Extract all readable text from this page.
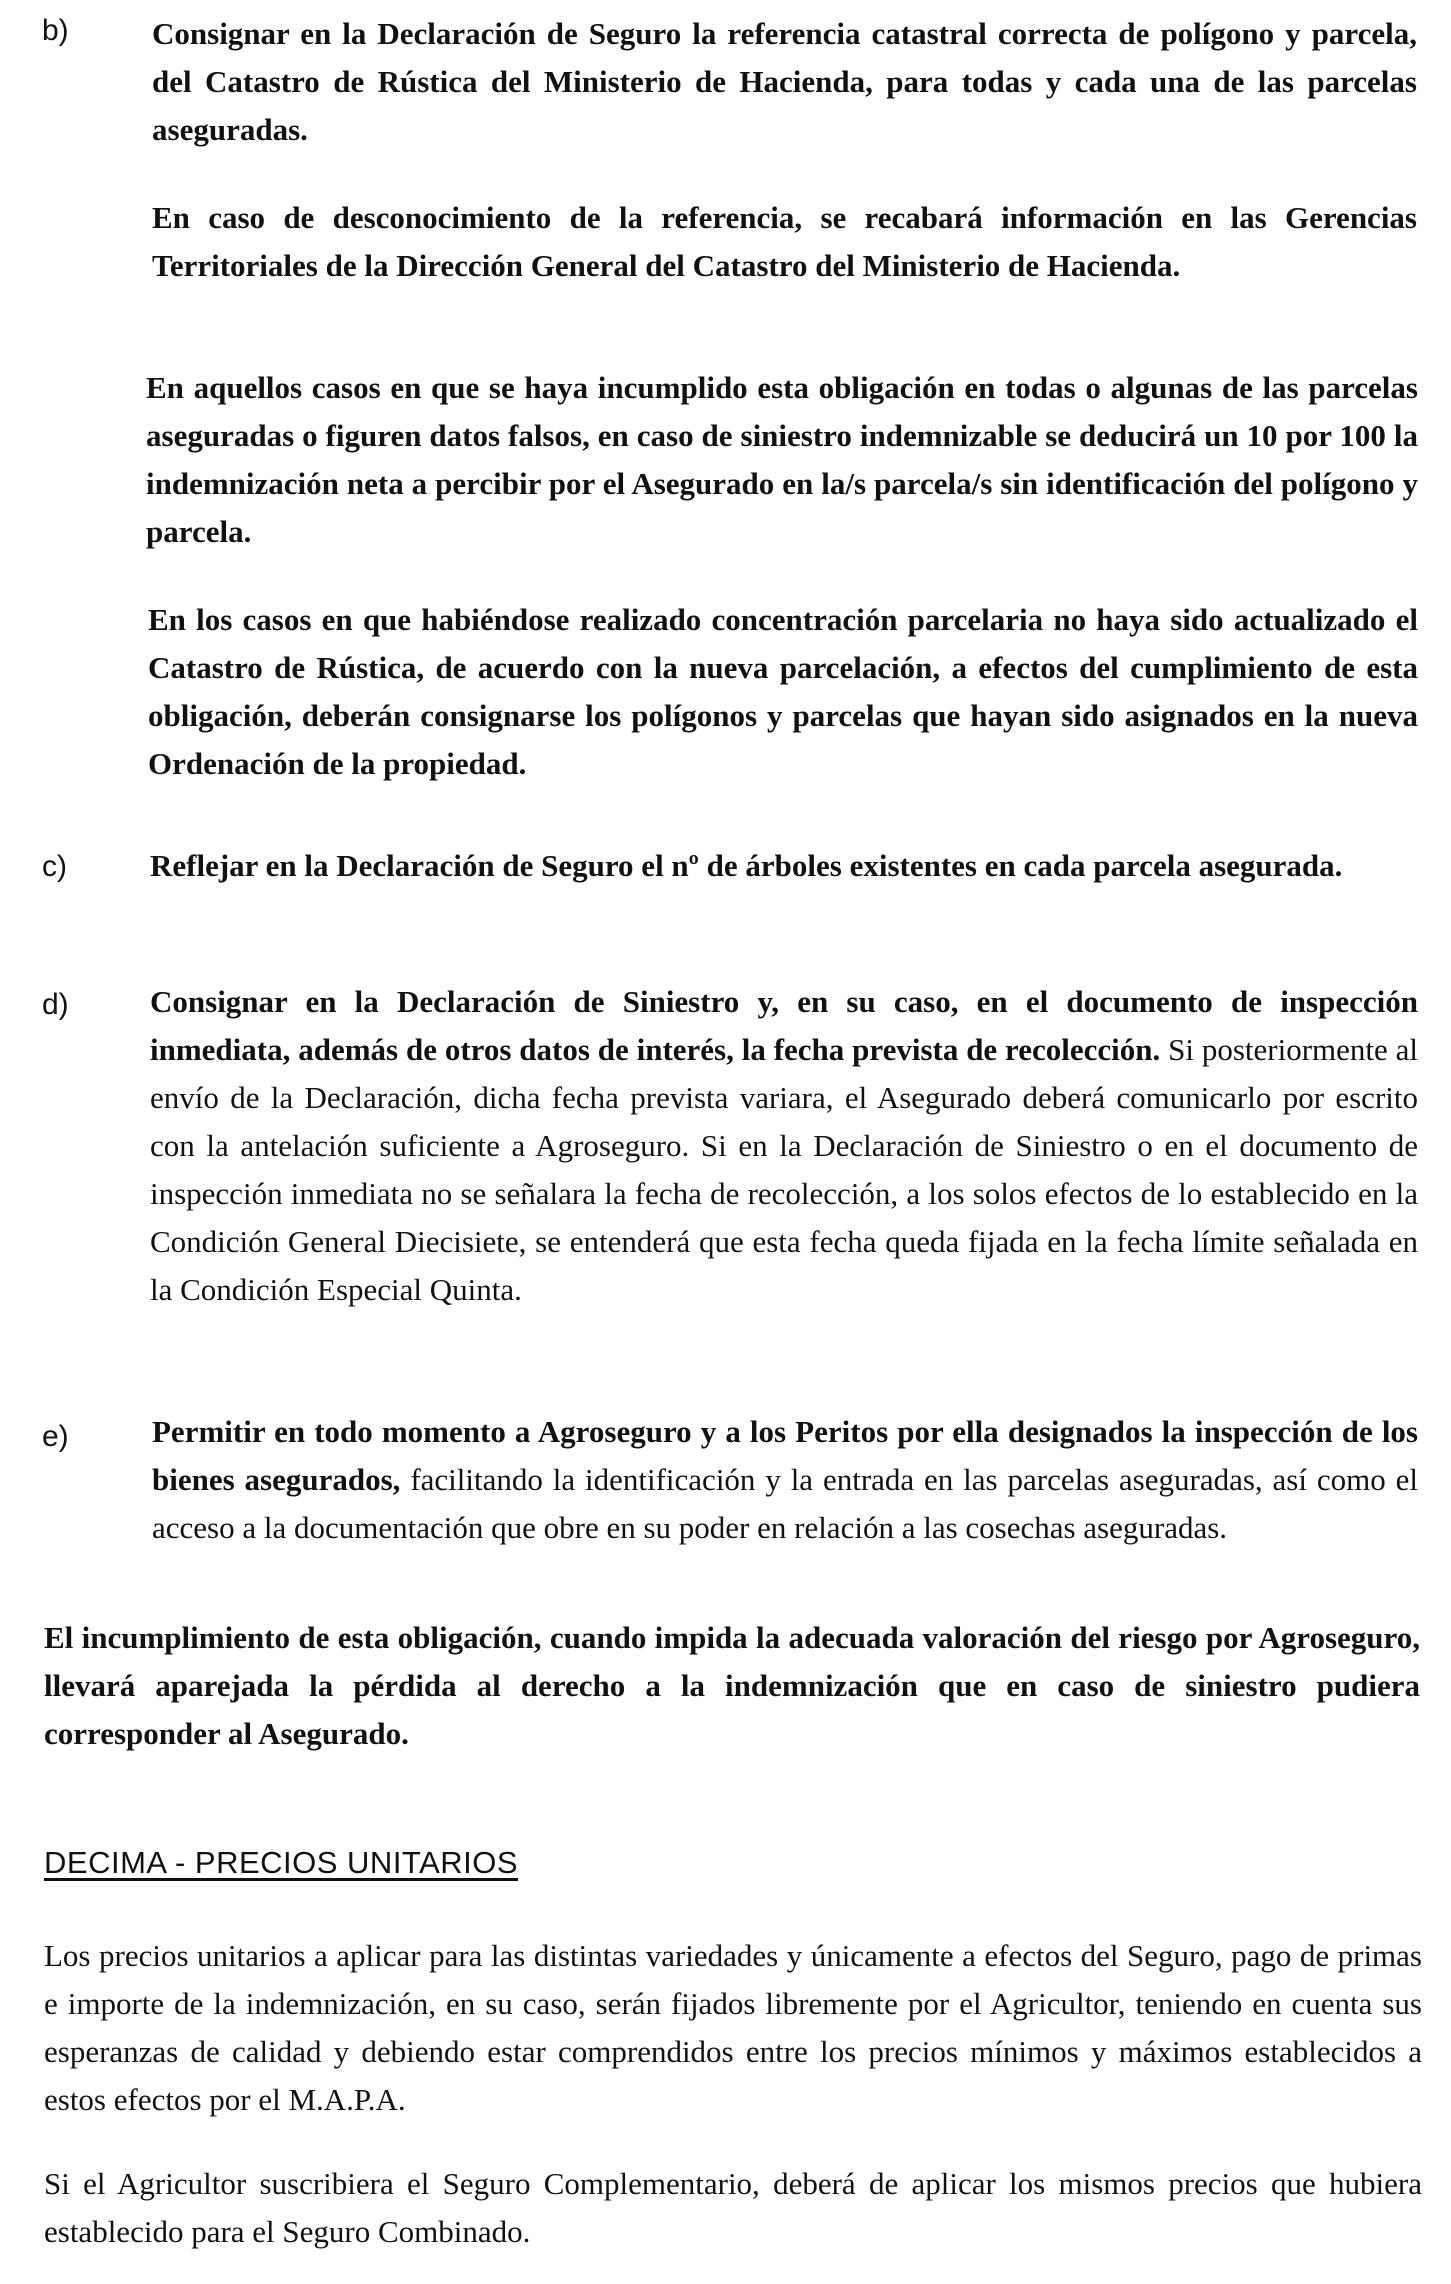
b)	Consignar en la Declaración de Seguro la referencia catastral correcta de polígono y parcela, del Catastro de Rústica del Ministerio de Hacienda, para todas y cada una de las parcelas aseguradas.

En caso de desconocimiento de la referencia, se recabará información en las Gerencias Territoriales de la Dirección General del Catastro del Ministerio de Hacienda.

En aquellos casos en que se haya incumplido esta obligación en todas o algunas de las parcelas aseguradas o figuren datos falsos, en caso de siniestro indemnizable se deducirá un 10 por 100 la indemnización neta a percibir por el Asegurado en la/s parcela/s sin identificación del polígono y parcela.

En los casos en que habiéndose realizado concentración parcelaria no haya sido actualizado el Catastro de Rústica, de acuerdo con la nueva parcelación, a efectos del cumplimiento de esta obligación, deberán consignarse los polígonos y parcelas que hayan sido asignados en la nueva Ordenación de la propiedad.

c)	Reflejar en la Declaración de Seguro el nº de árboles existentes en cada parcela asegurada.

d)	Consignar en la Declaración de Siniestro y, en su caso, en el documento de inspección inmediata, además de otros datos de interés, la fecha prevista de recolección. Si posteriormente al envío de la Declaración, dicha fecha prevista variara, el Asegurado deberá comunicarlo por escrito con la antelación suficiente a Agroseguro. Si en la Declaración de Siniestro o en el documento de inspección inmediata no se señalara la fecha de recolección, a los solos efectos de lo establecido en la Condición General Diecisiete, se entenderá que esta fecha queda fijada en la fecha límite señalada en la Condición Especial Quinta.

e)	Permitir en todo momento a Agroseguro y a los Peritos por ella designados la inspección de los bienes asegurados, facilitando la identificación y la entrada en las parcelas aseguradas, así como el acceso a la documentación que obre en su poder en relación a las cosechas aseguradas.

El incumplimiento de esta obligación, cuando impida la adecuada valoración del riesgo por Agroseguro, llevará aparejada la pérdida al derecho a la indemnización que en caso de siniestro pudiera corresponder al Asegurado.

DECIMA - PRECIOS UNITARIOS

Los precios unitarios a aplicar para las distintas variedades y únicamente a efectos del Seguro, pago de primas e importe de la indemnización, en su caso, serán fijados libremente por el Agricultor, teniendo en cuenta sus esperanzas de calidad y debiendo estar comprendidos entre los precios mínimos y máximos establecidos a estos efectos por el M.A.P.A.

Si el Agricultor suscribiera el Seguro Complementario, deberá de aplicar los mismos precios que hubiera establecido para el Seguro Combinado.
